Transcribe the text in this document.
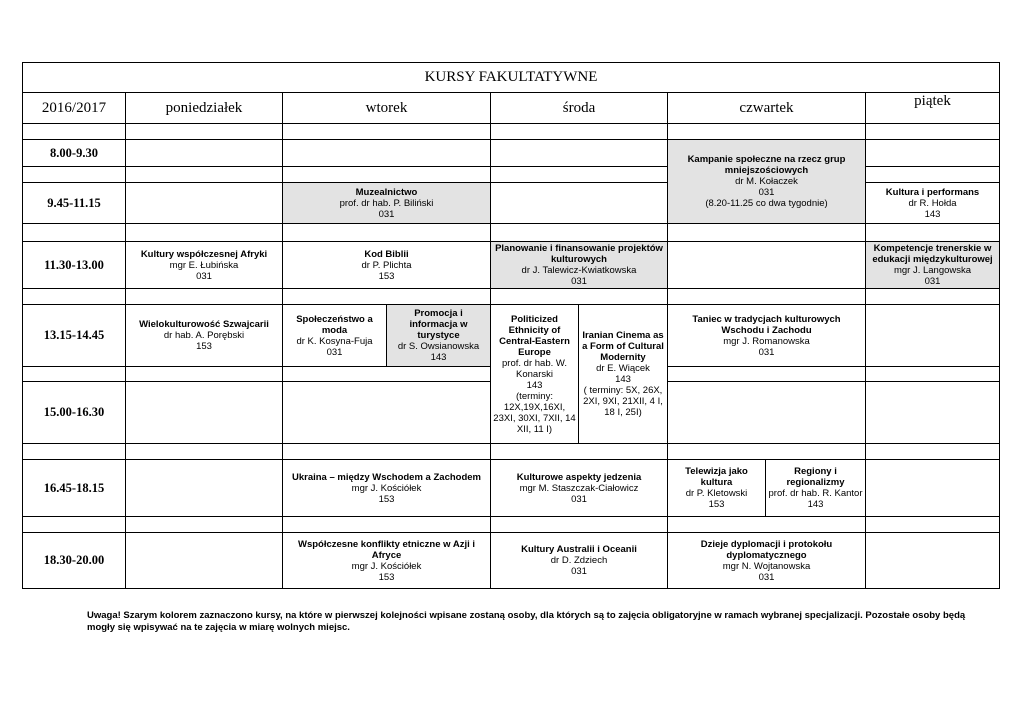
KURSY FAKULTATYWNE								
2016/2017	poniedziałek	wtorek		środa		czwartek		piątek

8.00-9.30						Kampanie społeczne na rzecz grup mniejszościowych
dr M. Kołaczek
031
(8.20-11.25 co dwa tygodnie)		

9.45-11.15		Muzealnictwo
prof. dr hab. P. Biliński
031						Kultura i performans
dr R. Hołda
143

11.30-13.00	Kultury współczesnej Afryki
mgr E. Łubińska
031	Kod Biblii
dr P. Plichta
153		Planowanie i finansowanie projektów kulturowych
dr J. Talewicz-Kwiatkowska
031				Kompetencje trenerskie w edukacji międzykulturowej
mgr J. Langowska
031

13.15-14.45	Wielokulturowość Szwajcarii
dr hab. A. Porębski
153	Społeczeństwo a moda
dr K. Kosyna-Fuja
031	Promocja i informacja w turystyce
dr S. Owsianowska
143	Politicized Ethnicity of Central-Eastern Europe
prof. dr hab. W. Konarski
143
(terminy: 12X,19X,16XI, 23XI, 30XI, 7XII, 14 XII, 11 I)	Iranian Cinema as a Form of Cultural Modernity
dr E. Wiącek
143
( terminy: 5X, 26X, 2XI, 9XI, 21XII, 4 I, 18 I, 25I)	Taniec w tradycjach kulturowych Wschodu i Zachodu
mgr J. Romanowska
031		

15.00-16.30								

16.45-18.15		Ukraina – między Wschodem a Zachodem
mgr J. Kościółek
153		Kulturowe aspekty jedzenia
mgr M. Staszczak-Ciałowicz
031		Telewizja jako kultura
dr P. Kletowski
153	Regiony i regionalizmy
prof. dr hab. R. Kantor
143	

18.30-20.00		Współczesne konflikty etniczne w Azji i Afryce
mgr J. Kościółek
153		Kultury Australii i Oceanii
dr D. Zdziech
031		Dzieje dyplomacji i protokołu dyplomatycznego
mgr N. Wojtanowska
031		

Uwaga! Szarym kolorem zaznaczono kursy, na które w pierwszej kolejności wpisane zostaną osoby, dla których są to zajęcia obligatoryjne w ramach wybranej specjalizacji. Pozostałe osoby będą mogły się wpisywać na te zajęcia w miarę wolnych miejsc.
